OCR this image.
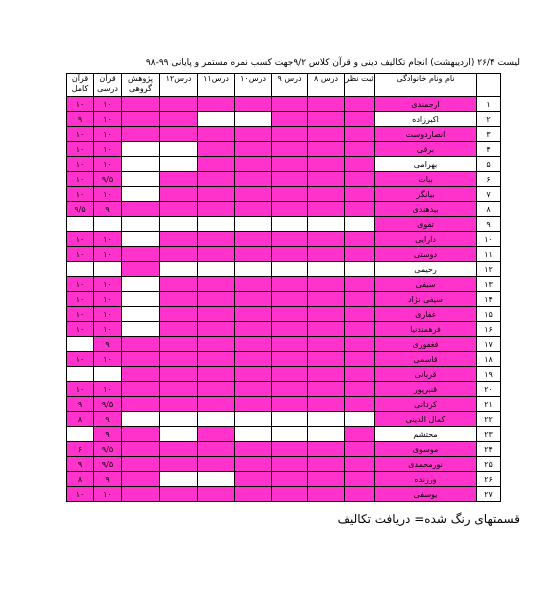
لیست ۲۶/۴ (اردیبهشت) انجام تکالیف دینی و قرآن کلاس ۹/۲جهت کسب نمره مستمر و پایانی ۹۹-۹۸
قرآن کامل	قرآن درسی	پژوهش گروهی	درس۱۲	درس۱۱	درس۱۰	درس ۹	درس ۸	ثبت نظر	نام ونام خانوادگی	
۱۰	۱۰								ارجمندی	۱
۹	۱۰								اکبرزاده	۲
۱۰	۱۰								انصاردوست	۳
۱۰	۱۰								برقی	۴
۱۰	۱۰								بهرامی	۵
۱۰	۹/۵								بیات	۶
۱۰	۱۰								بیانگر	۷
۹/۵	۹								بیدهندی	۸
									تقوی	۹
۱۰	۱۰								دارایی	۱۰
۱۰	۱۰								دوستی	۱۱
									رحیمی	۱۲
۱۰	۱۰								سیفی	۱۳
۱۰	۱۰								سیفی نژاد	۱۴
۱۰	۱۰								غفاری	۱۵
۱۰	۱۰								فرهمندنیا	۱۶
	۹								فغفوری	۱۷
۱۰	۱۰								قاسمی	۱۸
									قربانی	۱۹
۱۰	۱۰								قنبرپور	۲۰
۹	۹/۵								کردانی	۲۱
۸	۹								کمال الدینی	۲۲
	۹								محتشم	۲۳
۶	۹/۵								موسوی	۲۴
۹	۹/۵								نورمحمدی	۲۵
۸	۹								ورزنده	۲۶
۱۰	۱۰								یوسفی	۲۷
قسمتهای رنگ شده= دریافت تکالیف
